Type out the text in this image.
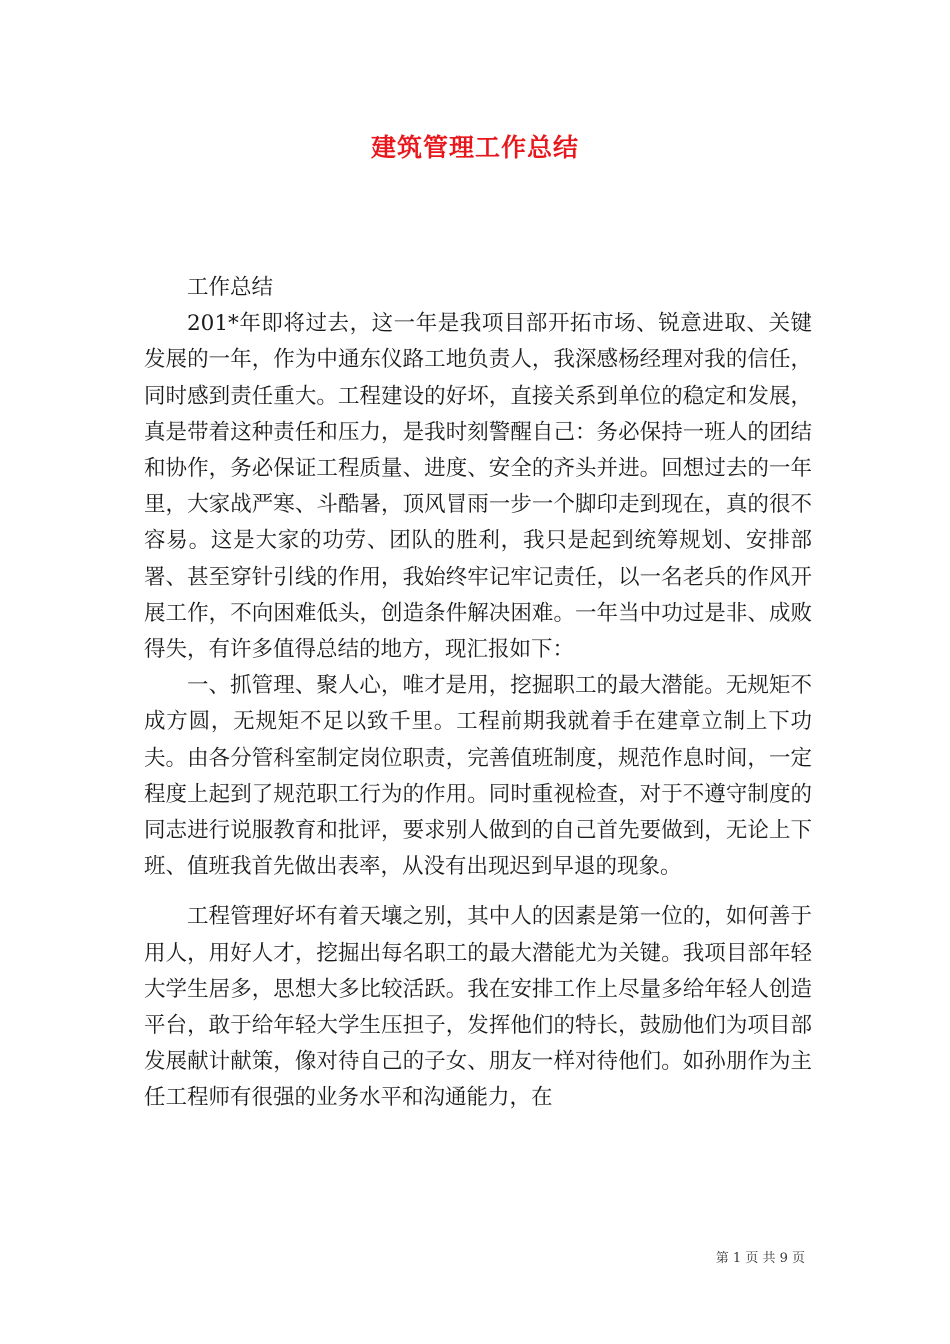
建筑管理工作总结

工作总结

201*年即将过去，这一年是我项目部开拓市场、锐意进取、关键发展的一年，作为中通东仪路工地负责人，我深感杨经理对我的信任，同时感到责任重大。工程建设的好坏，直接关系到单位的稳定和发展，真是带着这种责任和压力，是我时刻警醒自己：务必保持一班人的团结和协作，务必保证工程质量、进度、安全的齐头并进。回想过去的一年里，大家战严寒、斗酷暑，顶风冒雨一步一个脚印走到现在，真的很不容易。这是大家的功劳、团队的胜利，我只是起到统筹规划、安排部署、甚至穿针引线的作用，我始终牢记牢记责任，以一名老兵的作风开展工作，不向困难低头，创造条件解决困难。一年当中功过是非、成败得失，有许多值得总结的地方，现汇报如下：

一、抓管理、聚人心，唯才是用，挖掘职工的最大潜能。无规矩不成方圆，无规矩不足以致千里。工程前期我就着手在建章立制上下功夫。由各分管科室制定岗位职责，完善值班制度，规范作息时间，一定程度上起到了规范职工行为的作用。同时重视检查，对于不遵守制度的同志进行说服教育和批评，要求别人做到的自己首先要做到，无论上下班、值班我首先做出表率，从没有出现迟到早退的现象。

工程管理好坏有着天壤之别，其中人的因素是第一位的，如何善于用人，用好人才，挖掘出每名职工的最大潜能尤为关键。我项目部年轻大学生居多，思想大多比较活跃。我在安排工作上尽量多给年轻人创造平台，敢于给年轻大学生压担子，发挥他们的特长，鼓励他们为项目部发展献计献策，像对待自己的子女、朋友一样对待他们。如孙朋作为主任工程师有很强的业务水平和沟通能力，在

第 1 页 共 9 页
